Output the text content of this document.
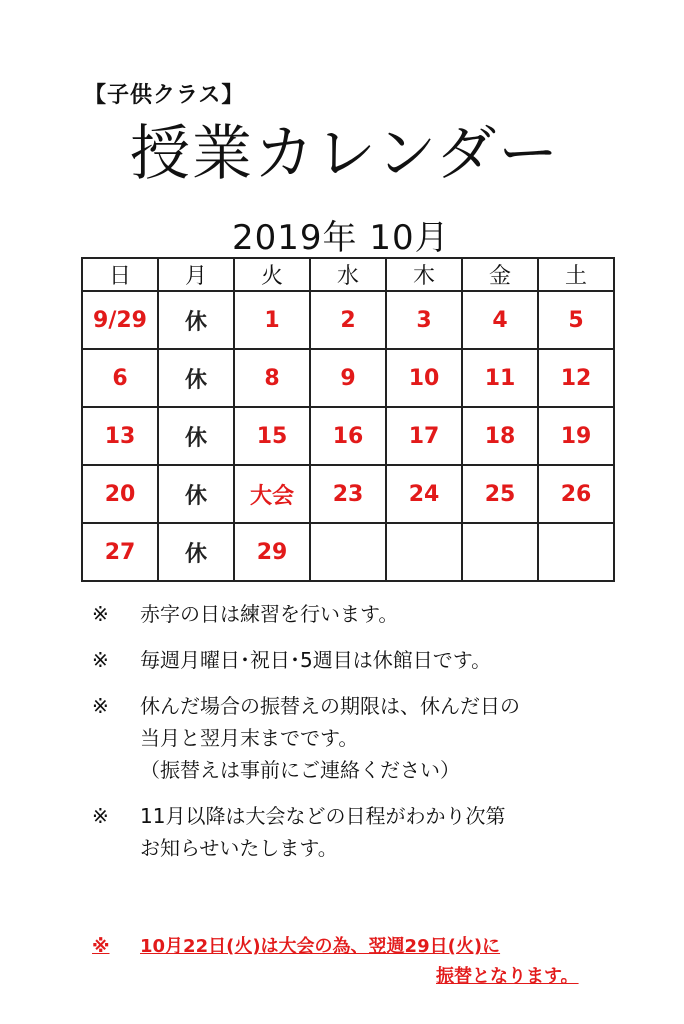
【子供クラス】
授業カレンダー
2019年 10月
日	月	火	水	木	金	土
9/29	休	1	2	3	4	5
6	休	8	9	10	11	12
13	休	15	16	17	18	19
20	休	大会	23	24	25	26
27	休	29				
※	赤字の日は練習を行います。
※	毎週月曜日･祝日･5週目は休館日です。
※	休んだ場合の振替えの期限は、休んだ日の
当月と翌月末までです。
（振替えは事前にご連絡ください）
※	11月以降は大会などの日程がわかり次第
お知らせいたします。
※	10月22日(火)は大会の為、翌週29日(火)に
振替となります。
